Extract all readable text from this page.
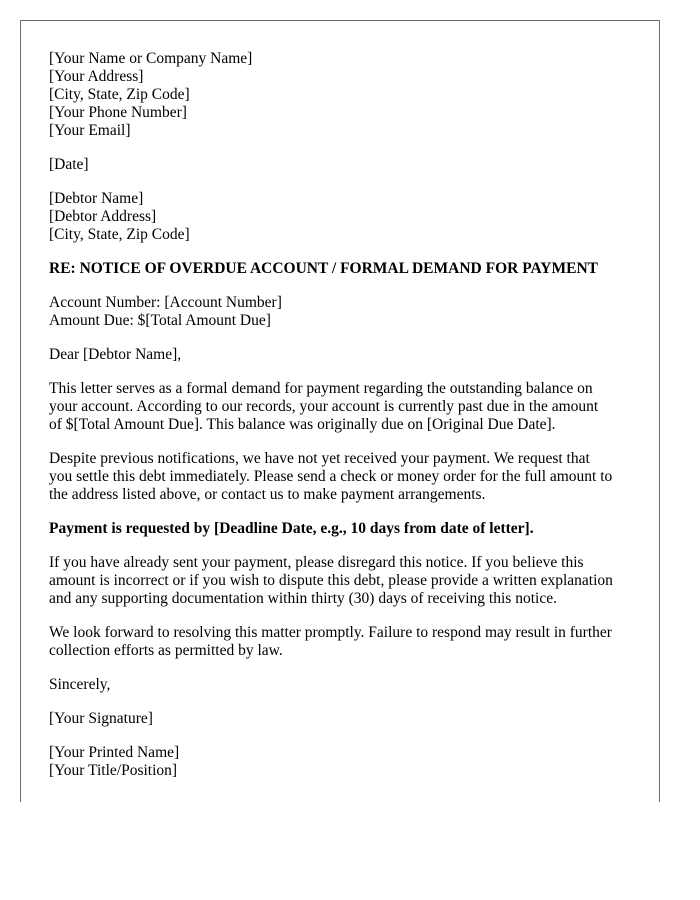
[Your Name or Company Name]
[Your Address]
[City, State, Zip Code]
[Your Phone Number]
[Your Email]
[Date]
[Debtor Name]
[Debtor Address]
[City, State, Zip Code]
RE: NOTICE OF OVERDUE ACCOUNT / FORMAL DEMAND FOR PAYMENT
Account Number: [Account Number]
Amount Due: $[Total Amount Due]
Dear [Debtor Name],
This letter serves as a formal demand for payment regarding the outstanding balance on
your account. According to our records, your account is currently past due in the amount
of $[Total Amount Due]. This balance was originally due on [Original Due Date].
Despite previous notifications, we have not yet received your payment. We request that
you settle this debt immediately. Please send a check or money order for the full amount to
the address listed above, or contact us to make payment arrangements.
Payment is requested by [Deadline Date, e.g., 10 days from date of letter].
If you have already sent your payment, please disregard this notice. If you believe this
amount is incorrect or if you wish to dispute this debt, please provide a written explanation
and any supporting documentation within thirty (30) days of receiving this notice.
We look forward to resolving this matter promptly. Failure to respond may result in further
collection efforts as permitted by law.
Sincerely,
[Your Signature]
[Your Printed Name]
[Your Title/Position]
